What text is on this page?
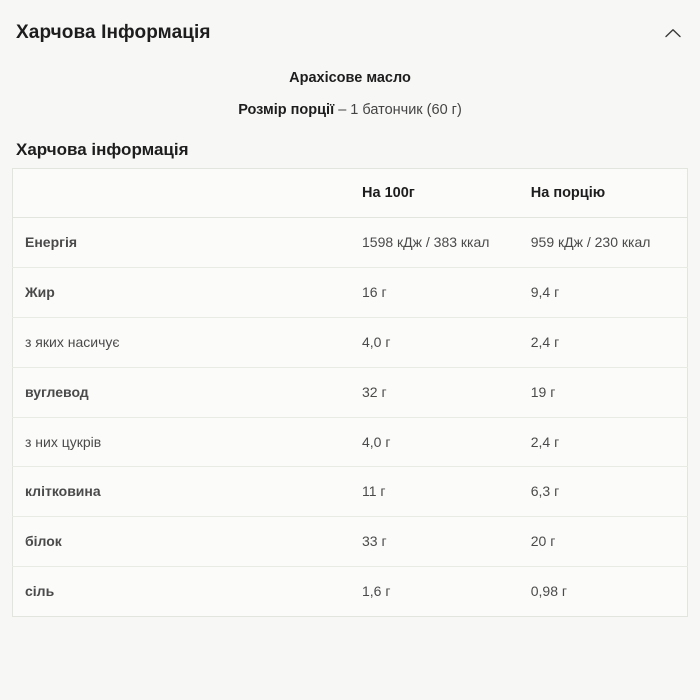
Харчова Інформація
Арахісове масло
Розмір порції – 1 батончик (60 г)
Харчова інформація
	На 100г	На порцію
Енергія	1598 кДж / 383 ккал	959 кДж / 230 ккал
Жир	16 г	9,4 г
з яких насичує	4,0 г	2,4 г
вуглевод	32 г	19 г
з них цукрів	4,0 г	2,4 г
клітковина	11 г	6,3 г
білок	33 г	20 г
сіль	1,6 г	0,98 г
